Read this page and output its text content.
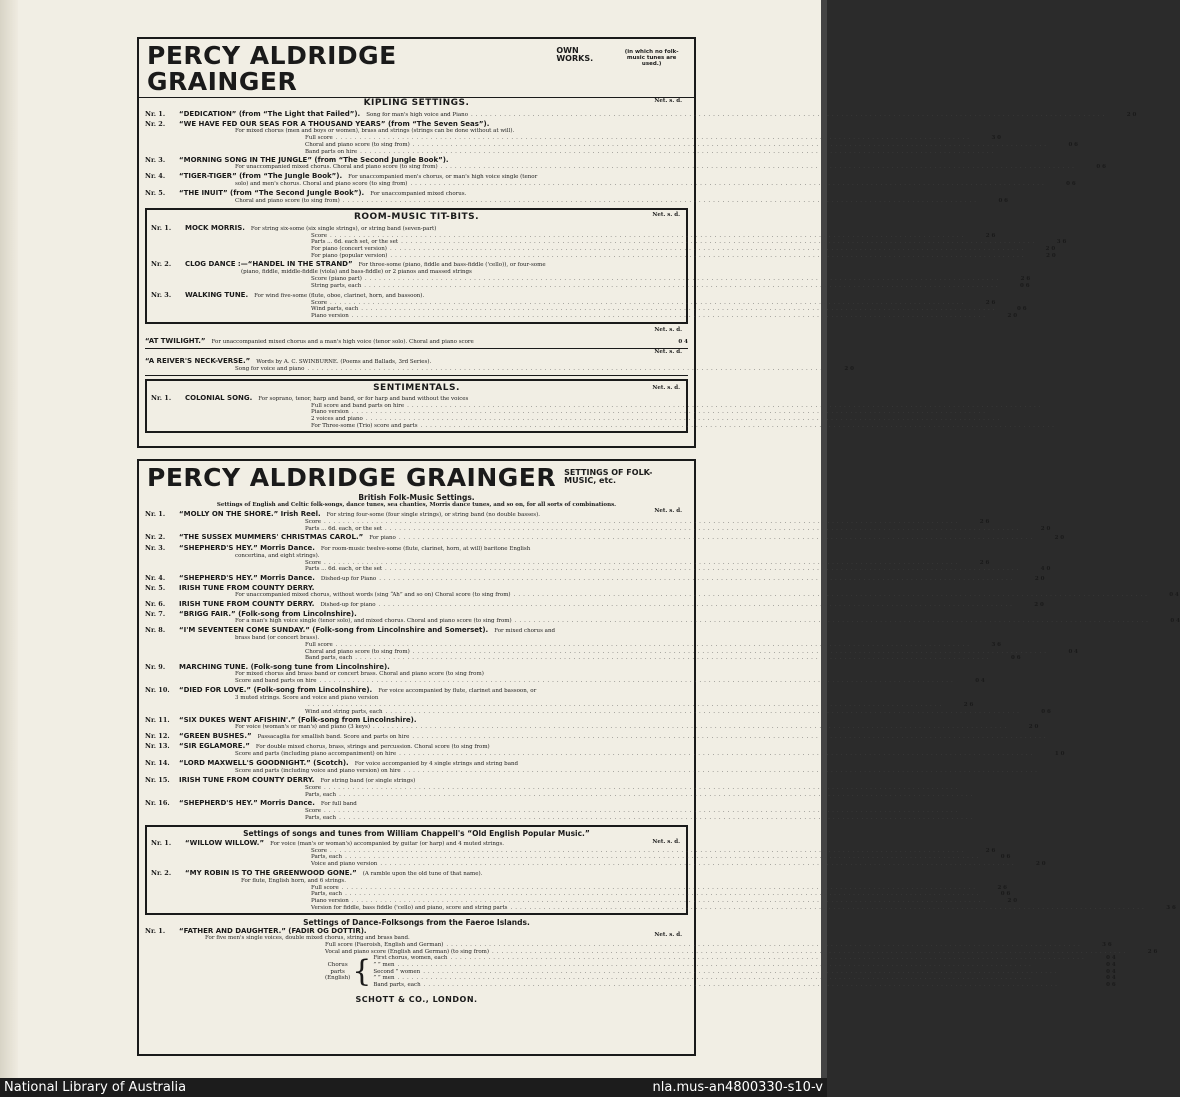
PERCY ALDRIDGE GRAINGER
OWN WORKS.
(in which no folk-music tunes are used.)
Net. s. d.
KIPLING SETTINGS.
Nr. 1.	“DEDICATION” (from “The Light that Failed”). Song for man's high voice and Piano ......................................................................................................................................	2 0
Nr. 2.	“WE HAVE FED OUR SEAS FOR A THOUSAND YEARS” (from “The Seven Seas”).
For mixed chorus (men and boys or women), brass and strings (strings can be done without at will).
Full score ......................................................................................................................................	3 0
Choral and piano score (to sing from) ......................................................................................................................................	0 6
Band parts on hire ......................................................................................................................................
Nr. 3.	“MORNING SONG IN THE JUNGLE” (from “The Second Jungle Book”).
For unaccompanied mixed chorus. Choral and piano score (to sing from) ......................................................................................................................................	0 6
Nr. 4.	“TIGER-TIGER” (from “The Jungle Book”). For unaccompanied men's chorus, or man's high voice single (tenor
solo) and men's chorus. Choral and piano score (to sing from) ......................................................................................................................................	0 6
Nr. 5.	“THE INUIT” (from “The Second Jungle Book”). For unaccompanied mixed chorus.
Choral and piano score (to sing from) ......................................................................................................................................	0 6
Net. s. d.
ROOM-MUSIC TIT-BITS.
Nr. 1.	MOCK MORRIS. For string six-some (six single strings), or string band (seven-part)
Score ......................................................................................................................................	2 6
Parts ... 6d. each set, or the set ......................................................................................................................................	3 6
For piano (concert version) ......................................................................................................................................	2 0
For piano (popular version) ......................................................................................................................................	2 0
Nr. 2.	CLOG DANCE :—“HANDEL IN THE STRAND” For three-some (piano, fiddle and bass-fiddle ('cello)), or four-some
(piano, fiddle, middle-fiddle (viola) and bass-fiddle) or 2 pianos and massed strings
Score (piano part) ......................................................................................................................................	2 6
String parts, each ......................................................................................................................................	0 6
Nr. 3.	WALKING TUNE. For wind five-some (flute, oboe, clarinet, horn, and bassoon).
Score ......................................................................................................................................	2 6
Wind parts, each ......................................................................................................................................	0 6
Piano version ......................................................................................................................................	2 0
Net. s. d.
“AT TWILIGHT.” For unaccompanied mixed chorus and a man's high voice (tenor solo). Choral and piano score	0 4
Net. s. d.
“A REIVER'S NECK-VERSE.” Words by A. C. SWINBURNE. (Poems and Ballads, 3rd Series).
Song for voice and piano .............................................................................................................	2 0
Net. s. d.
SENTIMENTALS.
Nr. 1.	COLONIAL SONG. For soprano, tenor, harp and band, or for harp and band without the voices
Full score and band parts on hire ......................................................................................................................................
Piano version ......................................................................................................................................
2 voices and piano ......................................................................................................................................
For Three-some (Trio) score and parts ......................................................................................................................................
PERCY ALDRIDGE GRAINGER SETTINGS OF FOLK-MUSIC, etc.
British Folk-Music Settings.
Settings of English and Celtic folk-songs, dance tunes, sea chanties, Morris dance tunes, and so on, for all sorts of combinations.
Net. s. d.
Nr. 1.	“MOLLY ON THE SHORE.” Irish Reel. For string four-some (four single strings), or string band (no double basses).
Score ......................................................................................................................................	2 6
Parts ... 6d. each, or the set ......................................................................................................................................	2 0
Nr. 2.	“THE SUSSEX MUMMERS' CHRISTMAS CAROL.” For piano ......................................................................................................................................	2 0
Nr. 3.	“SHEPHERD'S HEY.” Morris Dance. For room-music twelve-some (flute, clarinet, horn, at will) baritone English
concertina, and eight strings).
Score ......................................................................................................................................	2 6
Parts ... 6d. each, or the set ......................................................................................................................................	4 0
Nr. 4.	“SHEPHERD'S HEY.” Morris Dance. Dished-up for Piano ......................................................................................................................................	2 0
Nr. 5.	IRISH TUNE FROM COUNTY DERRY.
For unaccompanied mixed chorus, without words (sing “Ah” and so on) Choral score (to sing from) ......................................................................................................................................	0 4
Nr. 6.	IRISH TUNE FROM COUNTY DERRY. Dished-up for piano ......................................................................................................................................	2 0
Nr. 7.	“BRIGG FAIR.” (Folk-song from Lincolnshire).
For a man's high voice single (tenor solo), and mixed chorus. Choral and piano score (to sing from) ......................................................................................................................................	0 4
Nr. 8.	“I'M SEVENTEEN COME SUNDAY.” (Folk-song from Lincolnshire and Somerset). For mixed chorus and
brass band (or concert brass).
Full score ......................................................................................................................................	3 6
Choral and piano score (to sing from) ......................................................................................................................................	0 4
Band parts, each ......................................................................................................................................	0 6
Nr. 9.	MARCHING TUNE. (Folk-song tune from Lincolnshire).
For mixed chorus and brass band or concert brass. Choral and piano score (to sing from)
Score and band parts on hire ......................................................................................................................................	0 4
Nr. 10.	“DIED FOR LOVE.” (Folk-song from Lincolnshire). For voice accompanied by flute, clarinet and bassoon, or
3 muted strings. Score and voice and piano version
......................................................................................................................................	2 6
Wind and string parts, each ......................................................................................................................................	0 6
Nr. 11.	“SIX DUKES WENT AFISHIN'.” (Folk-song from Lincolnshire).
For voice (woman's or man's) and piano (3 keys) ......................................................................................................................................	2 0
Nr. 12.	“GREEN BUSHES.” Passacaglia for smallish band. Score and parts on hire ......................................................................................................................................
Nr. 13.	“SIR EGLAMORE.” For double mixed chorus, brass, strings and percussion. Choral score (to sing from)
Score and parts (including piano accompaniment) on hire ......................................................................................................................................	1 0
Nr. 14.	“LORD MAXWELL'S GOODNIGHT.” (Scotch). For voice accompanied by 4 single strings and string band
Score and parts (including voice and piano version) on hire ......................................................................................................................................
Nr. 15.	IRISH TUNE FROM COUNTY DERRY. For string band (or single strings)
Score ......................................................................................................................................
Parts, each ......................................................................................................................................
Nr. 16.	“SHEPHERD'S HEY.” Morris Dance. For full band
Score ......................................................................................................................................
Parts, each ......................................................................................................................................
Net. s. d.
Settings of songs and tunes from William Chappell's “Old English Popular Music.”
Nr. 1.	“WILLOW WILLOW.” For voice (man's or woman's) accompanied by guitar (or harp) and 4 muted strings.
Score ......................................................................................................................................	2 6
Parts, each ......................................................................................................................................	0 6
Voice and piano version ......................................................................................................................................	2 0
Nr. 2.	“MY ROBIN IS TO THE GREENWOOD GONE.” (A ramble upon the old tune of that name).
For flute, English horn, and 6 strings.
Full score ......................................................................................................................................	2 6
Parts, each ......................................................................................................................................	0 6
Piano version ......................................................................................................................................	2 0
Version for fiddle, bass fiddle ('cello) and piano, score and string parts ......................................................................................................................................	3 6
Net. s. d.
Settings of Dance-Folksongs from the Faeroe Islands.
Nr. 1.	“FATHER AND DAUGHTER.” (FADIR OG DOTTIR).
For five men's single voices, double mixed chorus, string and brass band.
Full score (Faeroish, English and German) ......................................................................................................................................	3 6
Vocal and piano score (English and German) (to sing from) ......................................................................................................................................	2 6
Chorus parts (English) { First chorus, women, each ......................................................................................................................................	0 4
” ” men ......................................................................................................................................	0 4
Second ” women ......................................................................................................................................	0 4
” ” men ......................................................................................................................................	0 4
Band parts, each ......................................................................................................................................	0 6
SCHOTT & CO., LONDON.
National Library of Australia	nla.mus-an4800330-s10-v
